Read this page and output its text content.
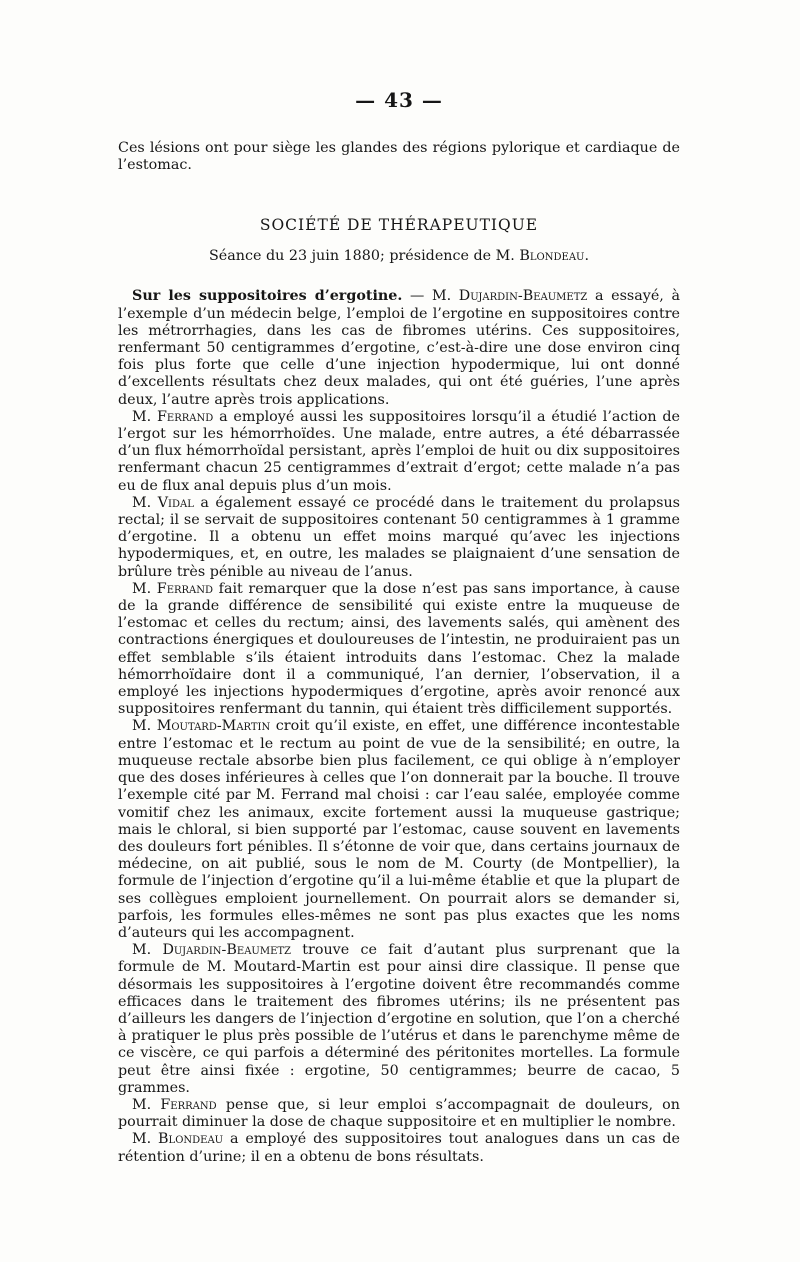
— 43 —

Ces lésions ont pour siège les glandes des régions pylorique et cardiaque de l’estomac.

SOCIÉTÉ DE THÉRAPEUTIQUE
Séance du 23 juin 1880; présidence de M. Blondeau.

Sur les suppositoires d’ergotine. — M. Dujardin-Beaumetz a essayé, à l’exemple d’un médecin belge, l’emploi de l’ergotine en suppositoires contre les métrorrhagies, dans les cas de fibromes utérins. Ces suppositoires, renfermant 50 centigrammes d’ergotine, c’est-à-dire une dose environ cinq fois plus forte que celle d’une injection hypodermique, lui ont donné d’excellents résultats chez deux malades, qui ont été guéries, l’une après deux, l’autre après trois applications.

M. Ferrand a employé aussi les suppositoires lorsqu’il a étudié l’action de l’ergot sur les hémorrhoïdes. Une malade, entre autres, a été débarrassée d’un flux hémorrhoïdal persistant, après l’emploi de huit ou dix suppositoires renfermant chacun 25 centigrammes d’extrait d’ergot; cette malade n’a pas eu de flux anal depuis plus d’un mois.

M. Vidal a également essayé ce procédé dans le traitement du prolapsus rectal; il se servait de suppositoires contenant 50 centigrammes à 1 gramme d’ergotine. Il a obtenu un effet moins marqué qu’avec les injections hypodermiques, et, en outre, les malades se plaignaient d’une sensation de brûlure très pénible au niveau de l’anus.

M. Ferrand fait remarquer que la dose n’est pas sans importance, à cause de la grande différence de sensibilité qui existe entre la muqueuse de l’estomac et celles du rectum; ainsi, des lavements salés, qui amènent des contractions énergiques et douloureuses de l’intestin, ne produiraient pas un effet semblable s’ils étaient introduits dans l’estomac. Chez la malade hémorrhoïdaire dont il a communiqué, l’an dernier, l’observation, il a employé les injections hypodermiques d’ergotine, après avoir renoncé aux suppositoires renfermant du tannin, qui étaient très difficilement supportés.

M. Moutard-Martin croit qu’il existe, en effet, une différence incontestable entre l’estomac et le rectum au point de vue de la sensibilité; en outre, la muqueuse rectale absorbe bien plus facilement, ce qui oblige à n’employer que des doses inférieures à celles que l’on donnerait par la bouche. Il trouve l’exemple cité par M. Ferrand mal choisi : car l’eau salée, employée comme vomitif chez les animaux, excite fortement aussi la muqueuse gastrique; mais le chloral, si bien supporté par l’estomac, cause souvent en lavements des douleurs fort pénibles. Il s’étonne de voir que, dans certains journaux de médecine, on ait publié, sous le nom de M. Courty (de Montpellier), la formule de l’injection d’ergotine qu’il a lui-même établie et que la plupart de ses collègues emploient journellement. On pourrait alors se demander si, parfois, les formules elles-mêmes ne sont pas plus exactes que les noms d’auteurs qui les accompagnent.

M. Dujardin-Beaumetz trouve ce fait d’autant plus surprenant que la formule de M. Moutard-Martin est pour ainsi dire classique. Il pense que désormais les suppositoires à l’ergotine doivent être recommandés comme efficaces dans le traitement des fibromes utérins; ils ne présentent pas d’ailleurs les dangers de l’injection d’ergotine en solution, que l’on a cherché à pratiquer le plus près possible de l’utérus et dans le parenchyme même de ce viscère, ce qui parfois a déterminé des péritonites mortelles. La formule peut être ainsi fixée : ergotine, 50 centigrammes; beurre de cacao, 5 grammes.

M. Ferrand pense que, si leur emploi s’accompagnait de douleurs, on pourrait diminuer la dose de chaque suppositoire et en multiplier le nombre.

M. Blondeau a employé des suppositoires tout analogues dans un cas de rétention d’urine; il en a obtenu de bons résultats.
